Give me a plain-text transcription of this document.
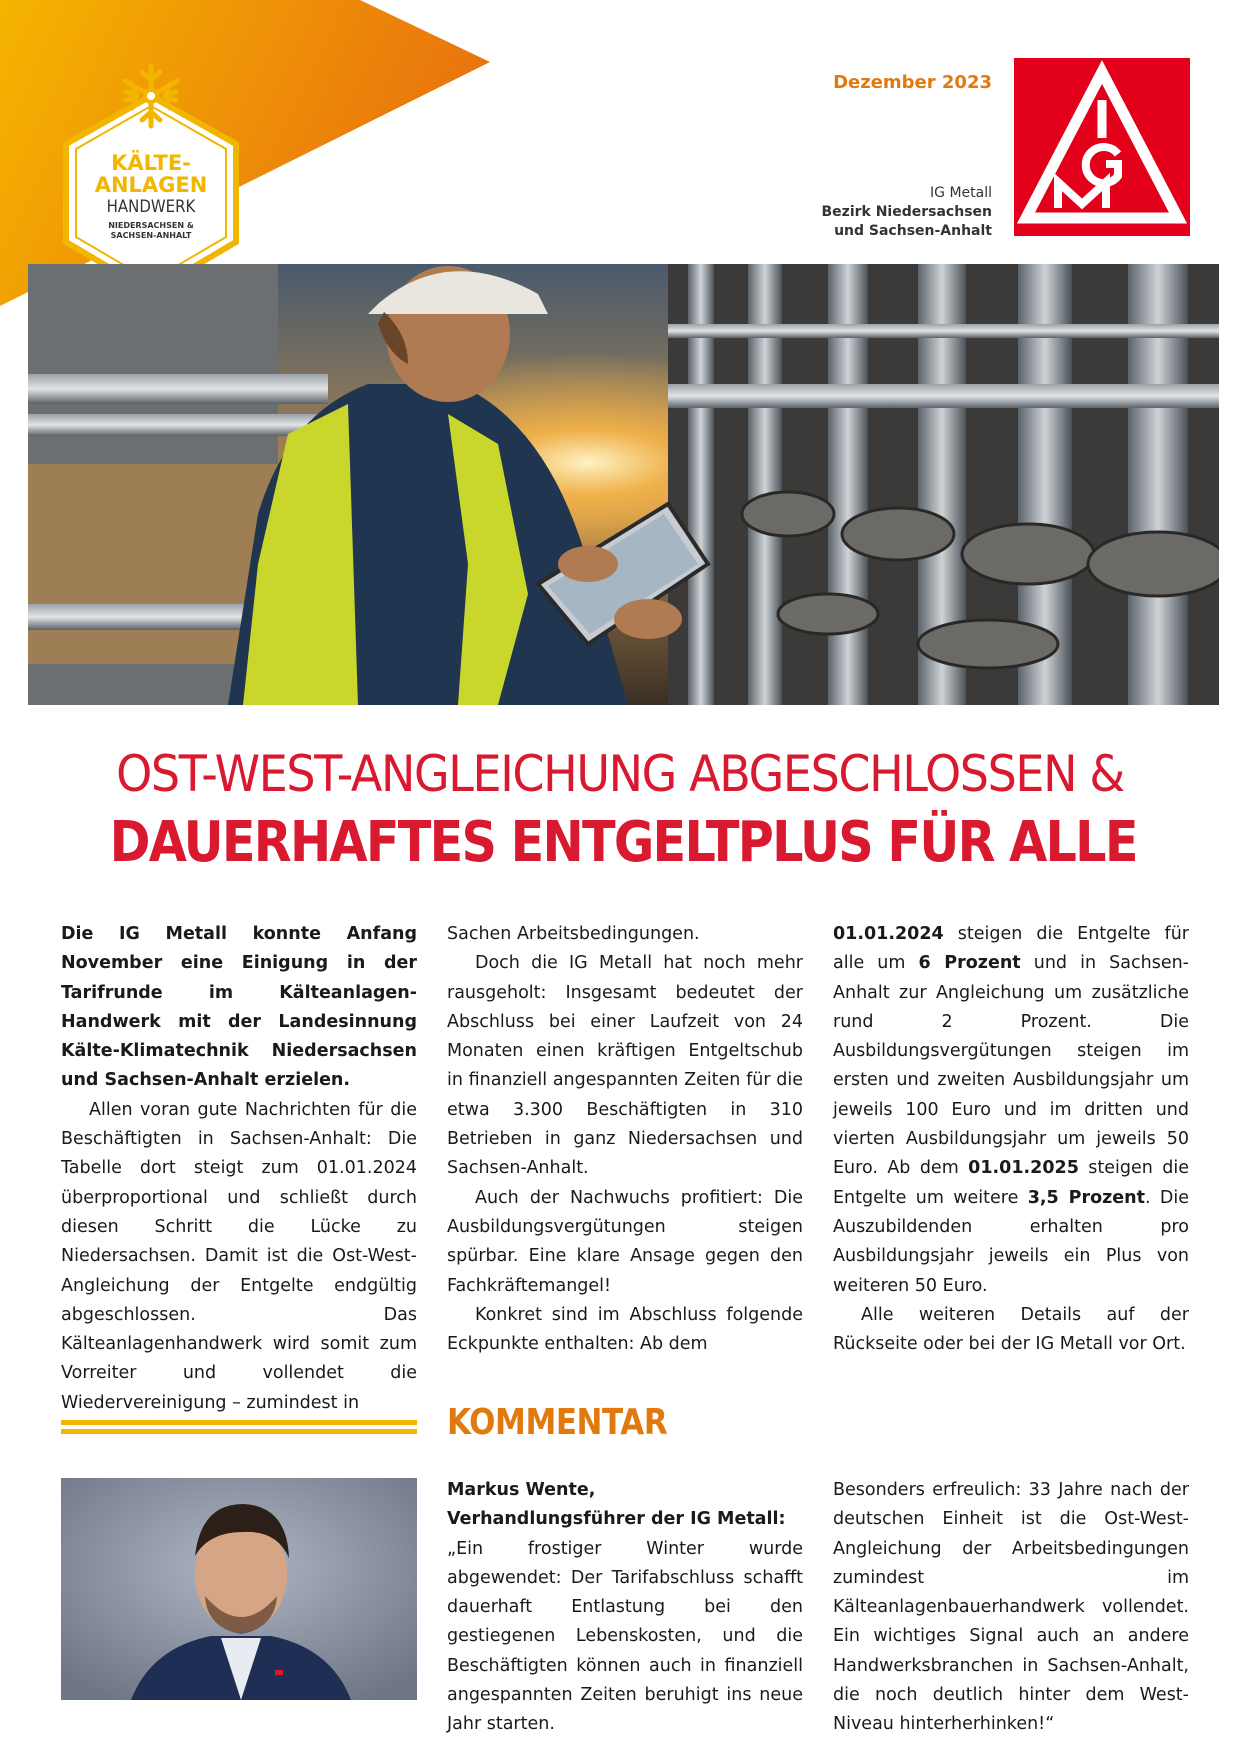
KÄLTE-
ANLAGEN
HANDWERK
NIEDERSACHSEN &
SACHSEN-ANHALT
Dezember 2023
IG Metall
Bezirk Niedersachsen
und Sachsen-Anhalt
OST-WEST-ANGLEICHUNG ABGESCHLOSSEN &
DAUERHAFTES ENTGELTPLUS FÜR ALLE

Die IG Metall konnte Anfang November eine Einigung in der Tarifrunde im Kälteanlagen-Handwerk mit der Landesinnung Kälte-Klimatechnik Niedersachsen und Sachsen-Anhalt erzielen.

Allen voran gute Nachrichten für die Beschäftigten in Sachsen-Anhalt: Die Tabelle dort steigt zum 01.01.2024 überproportional und schließt durch diesen Schritt die Lücke zu Niedersachsen. Damit ist die Ost-West-Angleichung der Entgelte endgültig abgeschlossen. Das Kälteanlagenhandwerk wird somit zum Vorreiter und vollendet die Wiedervereinigung – zumindest in

Sachen Arbeitsbedingungen.

Doch die IG Metall hat noch mehr rausgeholt: Insgesamt bedeutet der Abschluss bei einer Laufzeit von 24 Monaten einen kräftigen Entgeltschub in finanziell angespannten Zeiten für die etwa 3.300 Beschäftigten in 310 Betrieben in ganz Niedersachsen und Sachsen-Anhalt.

Auch der Nachwuchs profitiert: Die Ausbildungsvergütungen steigen spürbar. Eine klare Ansage gegen den Fachkräftemangel!

Konkret sind im Abschluss folgende Eckpunkte enthalten: Ab dem

01.01.2024 steigen die Entgelte für alle um 6 Prozent und in Sachsen-Anhalt zur Angleichung um zusätzliche rund 2 Prozent. Die Ausbildungsvergütungen steigen im ersten und zweiten Ausbildungsjahr um jeweils 100 Euro und im dritten und vierten Ausbildungsjahr um jeweils 50 Euro. Ab dem 01.01.2025 steigen die Entgelte um weitere 3,5 Prozent. Die Auszubildenden erhalten pro Ausbildungsjahr jeweils ein Plus von weiteren 50 Euro.

Alle weiteren Details auf der Rückseite oder bei der IG Metall vor Ort.

KOMMENTAR

Markus Wente,

Verhandlungsführer der IG Metall:

„Ein frostiger Winter wurde abgewendet: Der Tarifabschluss schafft dauerhaft Entlastung bei den gestiegenen Lebenskosten, und die Beschäftigten können auch in finanziell angespannten Zeiten beruhigt ins neue Jahr starten.

Besonders erfreulich: 33 Jahre nach der deutschen Einheit ist die Ost-West-Angleichung der Arbeitsbedingungen zumindest im Kälteanlagenbauerhandwerk vollendet. Ein wichtiges Signal auch an andere Handwerksbranchen in Sachsen-Anhalt, die noch deutlich hinter dem West-Niveau hinterherhinken!“
